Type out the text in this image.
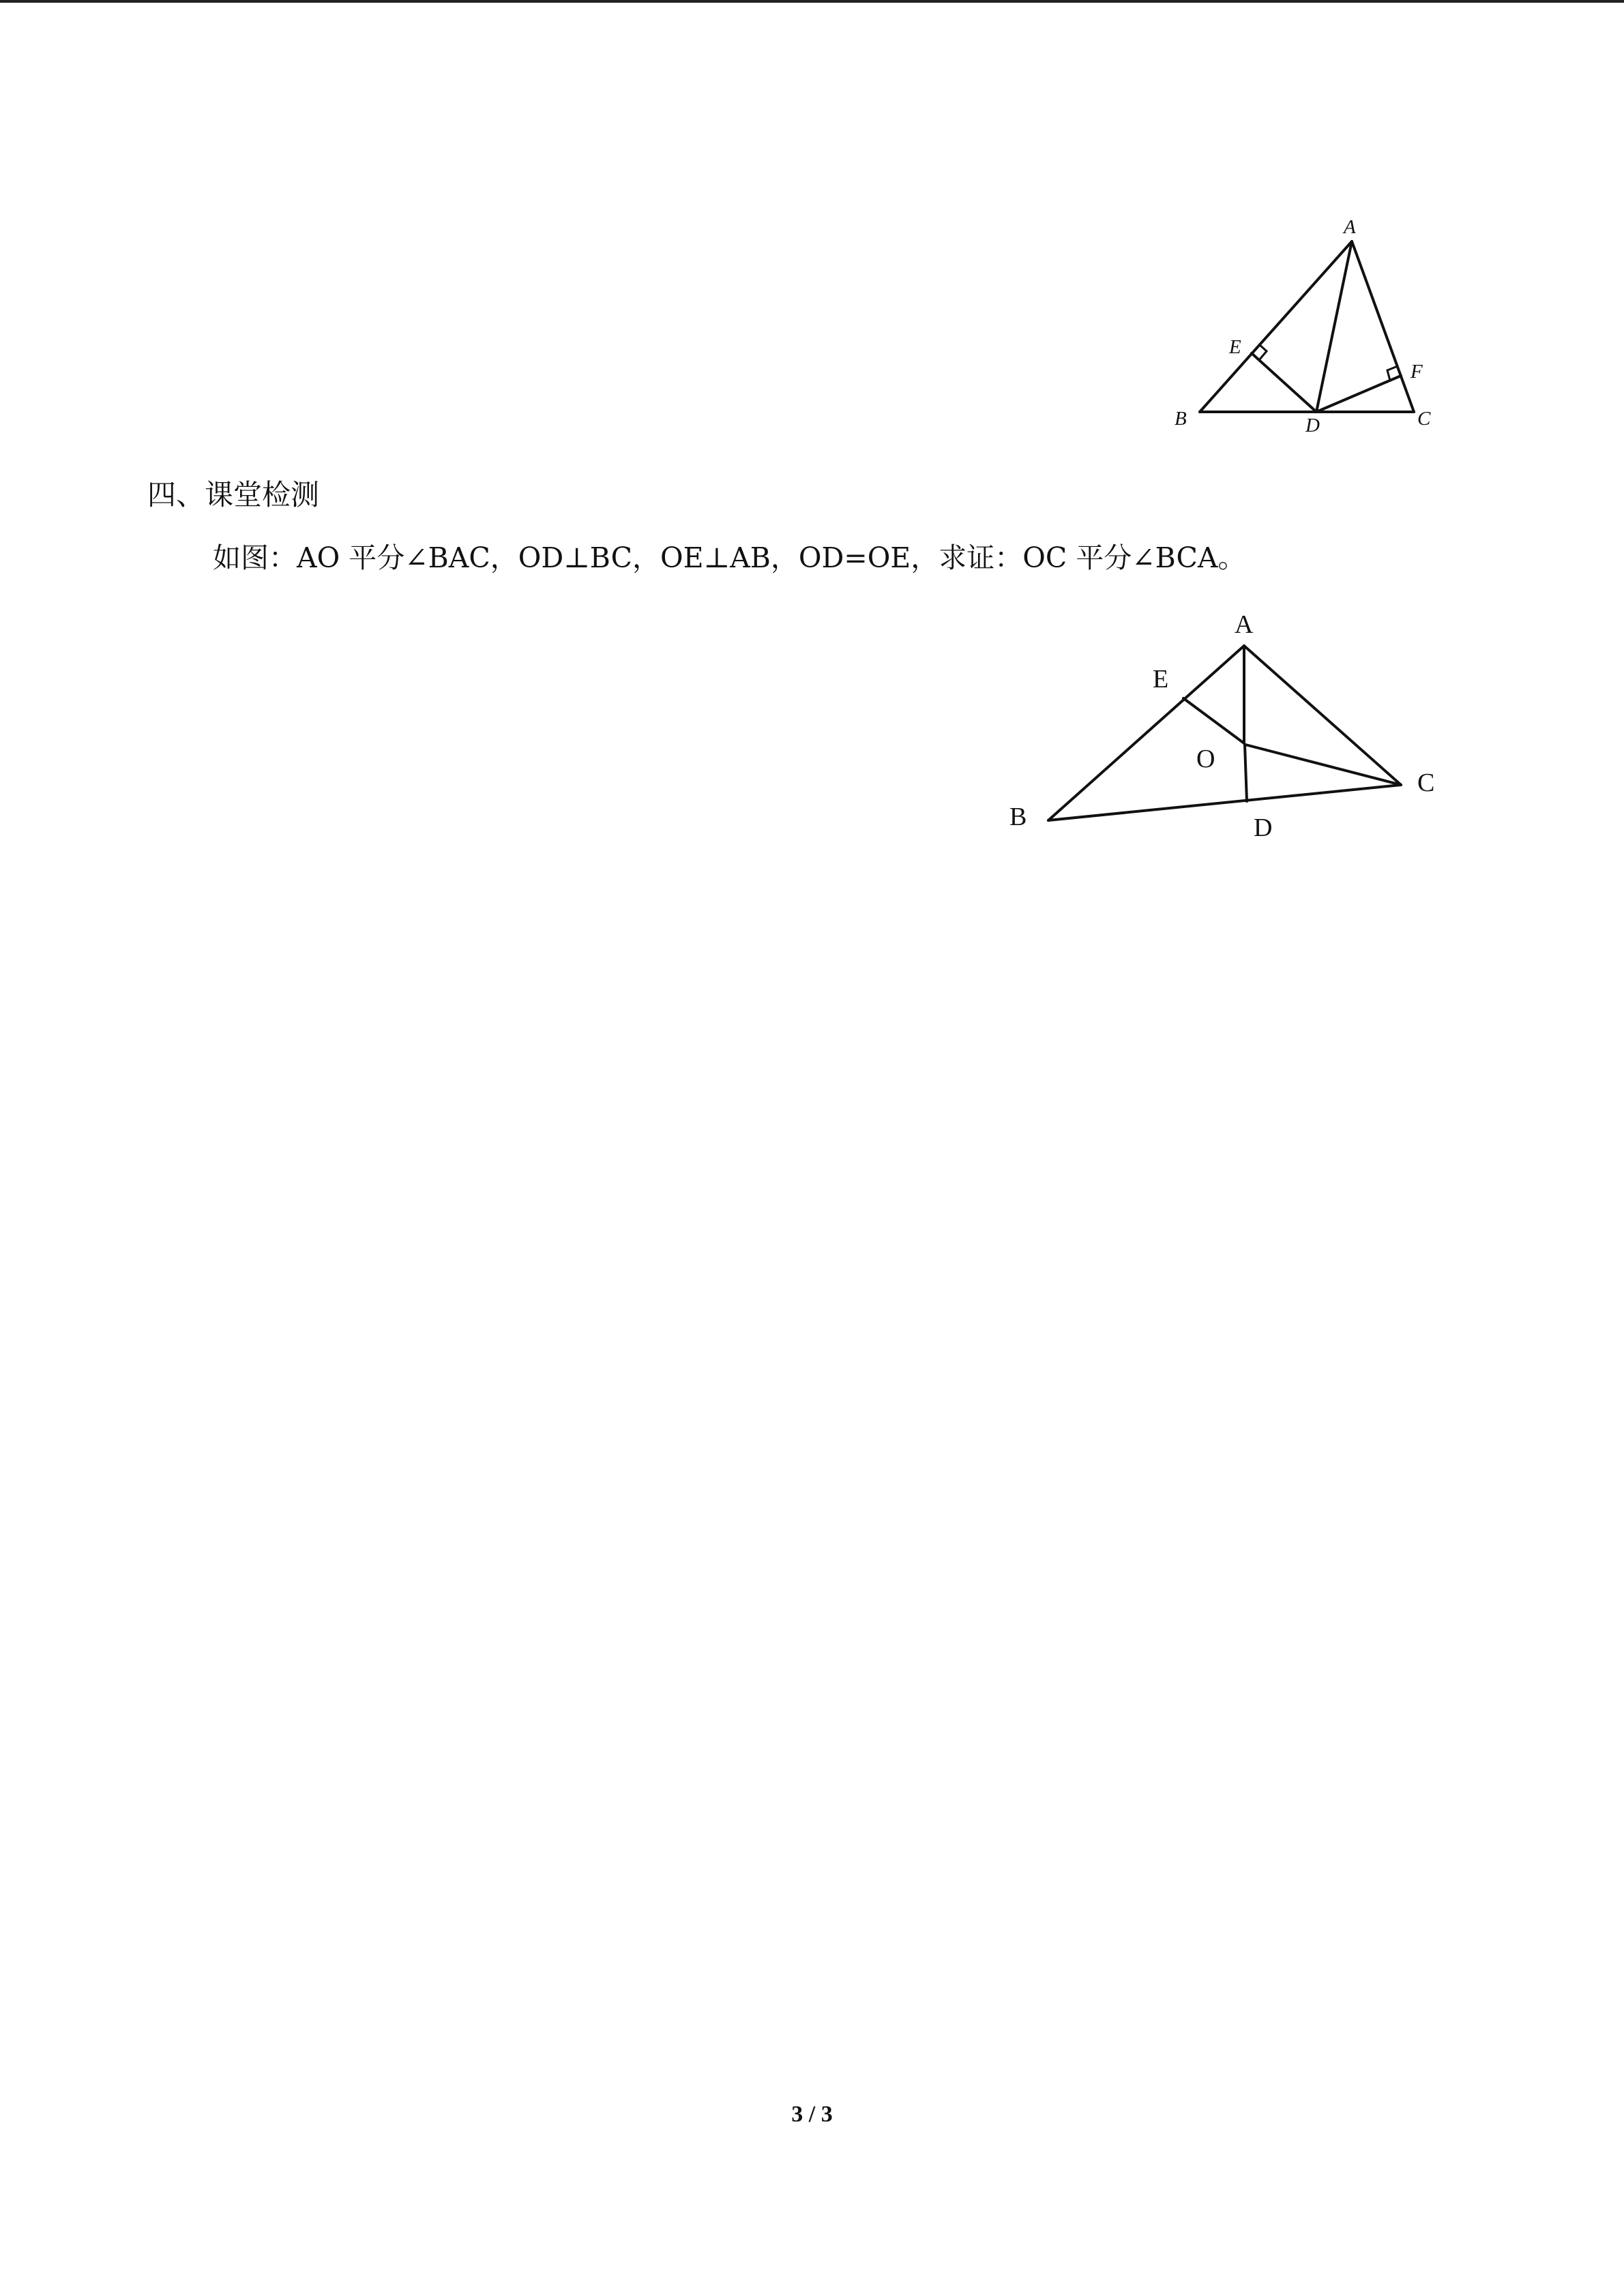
A
B	C
D
E
F
四、课堂检测
如图：AO 平分∠BAC，OD⊥BC，OE⊥AB，OD=OE，求证：OC 平分∠BCA。
A
B
C
D
E
O
3 / 3
